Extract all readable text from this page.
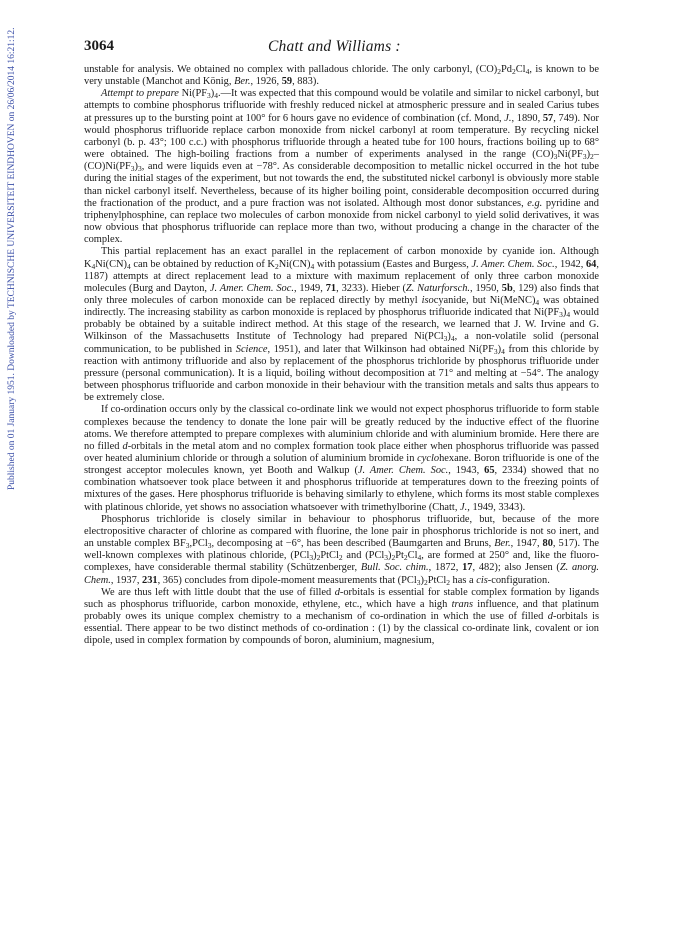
Published on 01 January 1951. Downloaded by TECHNISCHE UNIVERSITEIT EINDHOVEN on 26/06/2014 16:21:12.	3064	Chatt and Williams :

unstable for analysis. We obtained no complex with palladous chloride. The only carbonyl, $(CO)_2Pd_2Cl_4$, is known to be very unstable (Manchot and König, Ber., 1926, 59, 883).

Attempt to prepare $Ni(PF_3)_4.—It$ was expected that this compound would be volatile and similar to nickel carbonyl, but attempts to combine phosphorus trifluoride with freshly reduced nickel at atmospheric pressure and in sealed Carius tubes at pressures up to the bursting point at 100° for 6 hours gave no evidence of combination (cf. Mond, J., 1890, 57, 749). Nor would phosphorus trifluoride replace carbon monoxide from nickel carbonyl at room temperature. By recycling nickel carbonyl (b. p. 43°; 100 c.c.) with phosphorus trifluoride through a heated tube for 100 hours, fractions boiling up to 68° were obtained. The high-boiling fractions from a number of experiments analysed in the range $(CO)_3Ni(PF_3)_2-(CO)Ni(PF_3)_3$, and were liquids even at −78°. As considerable decomposition to metallic nickel occurred in the hot tube during the initial stages of the experiment, but not towards the end, the substituted nickel carbonyl is obviously more stable than nickel carbonyl itself. Nevertheless, because of its higher boiling point, considerable decomposition occurred during the fractionation of the product, and a pure fraction was not isolated. Although most donor substances, e.g. pyridine and triphenylphosphine, can replace two molecules of carbon monoxide from nickel carbonyl to yield solid derivatives, it was now obvious that phosphorus trifluoride can replace more than two, without producing a change in the character of the complex.

This partial replacement has an exact parallel in the replacement of carbon monoxide by cyanide ion. Although $K_4Ni(CN)_4$ can be obtained by reduction of $K_2Ni(CN)_4$ with potassium (Eastes and Burgess, J. Amer. Chem. Soc., 1942, 64, 1187) attempts at direct replacement lead to a mixture with maximum replacement of only three carbon monoxide molecules (Burg and Dayton, J. Amer. Chem. Soc., 1949, 71, 3233). Hieber (Z. Naturforsch., 1950, 5b, 129) also finds that only three molecules of carbon monoxide can be replaced directly by methyl isocyanide, but $Ni(MeNC)_4$ was obtained indirectly. The increasing stability as carbon monoxide is replaced by phosphorus trifluoride indicated that $Ni(PF_3)_4$ would probably be obtained by a suitable indirect method. At this stage of the research, we learned that J. W. Irvine and G. Wilkinson of the Massachusetts Institute of Technology had prepared $Ni(PCl_3)_4$, a non-volatile solid (personal communication, to be published in Science, 1951), and later that Wilkinson had obtained $Ni(PF_3)_4$ from this chloride by reaction with antimony trifluoride and also by replacement of the phosphorus trichloride by phosphorus trifluoride under pressure (personal communication). It is a liquid, boiling without decomposition at 71° and melting at −54°. The analogy between phosphorus trifluoride and carbon monoxide in their behaviour with the transition metals and salts thus appears to be extremely close.

If co-ordination occurs only by the classical co-ordinate link we would not expect phosphorus trifluoride to form stable complexes because the tendency to donate the lone pair will be greatly reduced by the inductive effect of the fluorine atoms. We therefore attempted to prepare complexes with aluminium chloride and with aluminium bromide. Here there are no filled d-orbitals in the metal atom and no complex formation took place either when phosphorus trifluoride was passed over heated aluminium chloride or through a solution of aluminium bromide in cyclohexane. Boron trifluoride is one of the strongest acceptor molecules known, yet Booth and Walkup (J. Amer. Chem. Soc., 1943, 65, 2334) showed that no combination whatsoever took place between it and phosphorus trifluoride at temperatures down to the freezing points of mixtures of the gases. Here phosphorus trifluoride is behaving similarly to ethylene, which forms its most stable complexes with platinous chloride, yet shows no association whatsoever with trimethylborine (Chatt, J., 1949, 3343).

Phosphorus trichloride is closely similar in behaviour to phosphorus trifluoride, but, because of the more electropositive character of chlorine as compared with fluorine, the lone pair in phosphorus trichloride is not so inert, and an unstable complex $BF_3,PCl_3$, decomposing at −6°, has been described (Baumgarten and Bruns, Ber., 1947, 80, 517). The well-known complexes with platinous chloride, $(PCl_3)_2PtCl_2$ and $(PCl_3)_2Pt_2Cl_4$, are formed at 250° and, like the fluoro-complexes, have considerable thermal stability (Schützenberger, Bull. Soc. chim., 1872, 17, 482); also Jensen (Z. anorg. Chem., 1937, 231, 365) concludes from dipole-moment measurements that $(PCl_3)_2PtCl_2$ has a cis-configuration.

We are thus left with little doubt that the use of filled d-orbitals is essential for stable complex formation by ligands such as phosphorus trifluoride, carbon monoxide, ethylene, etc., which have a high trans influence, and that platinum probably owes its unique complex chemistry to a mechanism of co-ordination in which the use of filled d-orbitals is essential. There appear to be two distinct methods of co-ordination : (1) by the classical co-ordinate link, covalent or ion dipole, used in complex formation by compounds of boron, aluminium, magnesium,
